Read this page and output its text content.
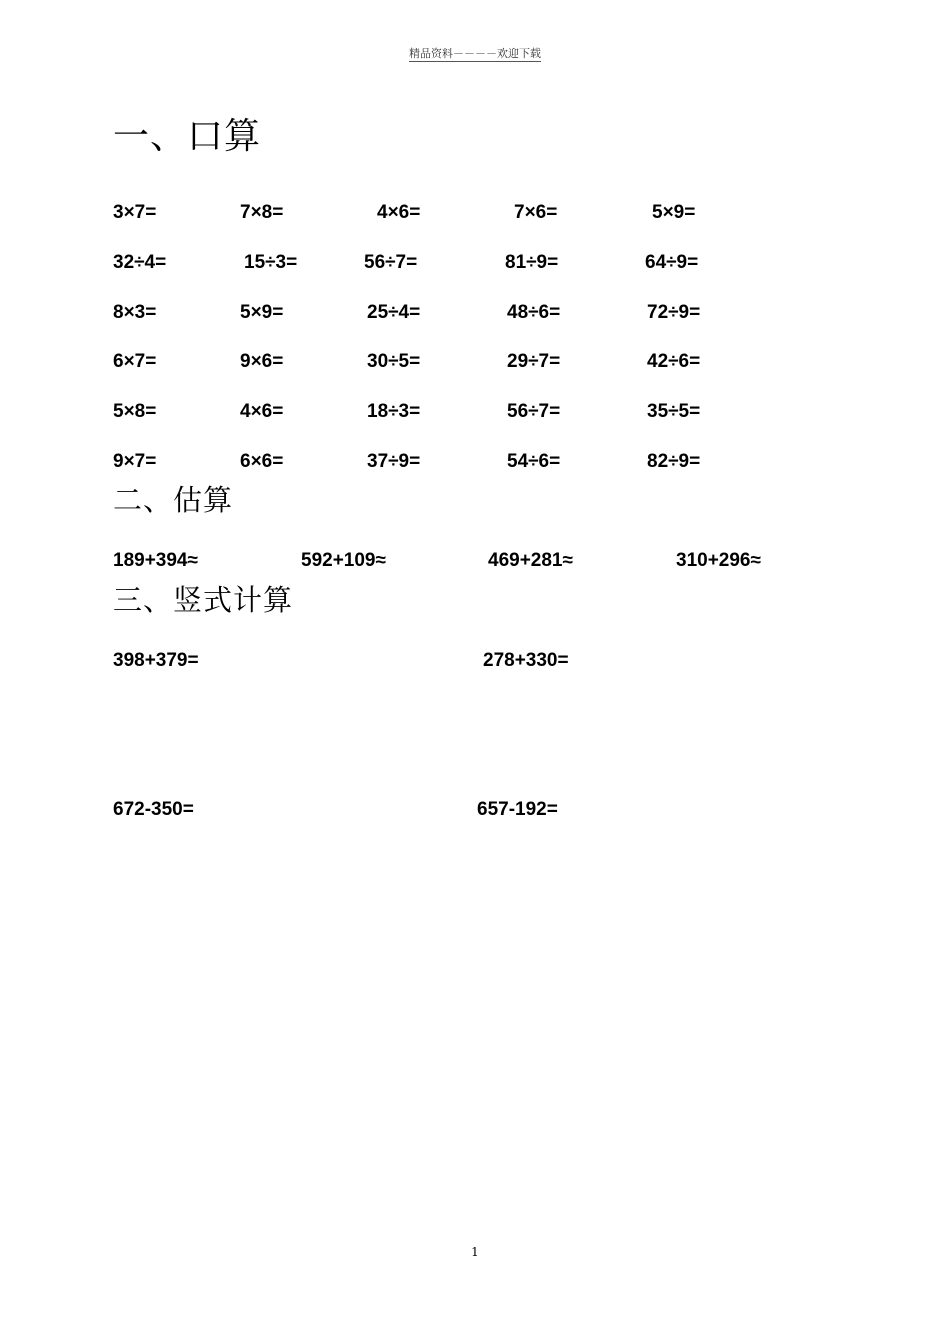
精品资料－－－－欢迎下载
一、口算
3×7=	7×8=	4×6=	7×6=	5×9=
32÷4=	15÷3=	56÷7=	81÷9=	64÷9=
8×3=	5×9=	25÷4=	48÷6=	72÷9=
6×7=	9×6=	30÷5=	29÷7=	42÷6=
5×8=	4×6=	18÷3=	56÷7=	35÷5=
9×7=	6×6=	37÷9=	54÷6=	82÷9=
二、估算
189+394≈	592+109≈	469+281≈	310+296≈
三、竖式计算
398+379=	278+330=
672-350=	657-192=
1
